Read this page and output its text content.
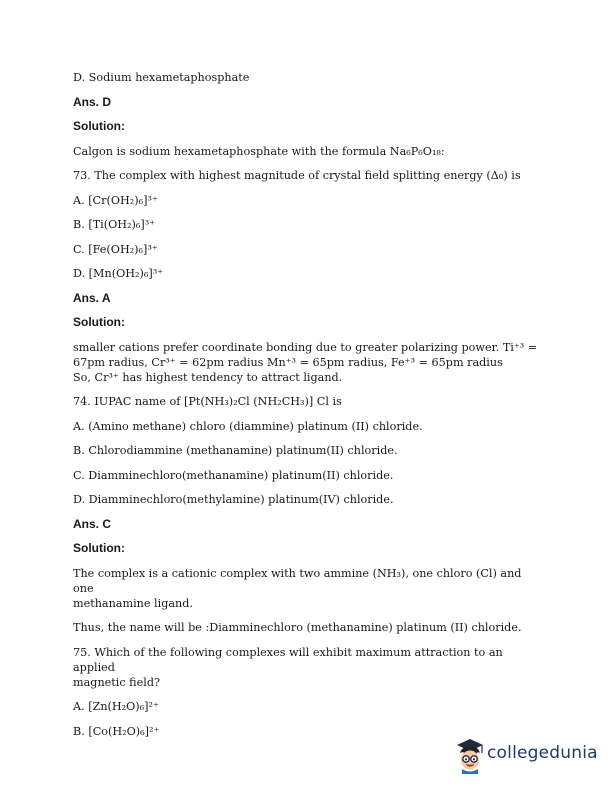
D. Sodium hexametaphosphate

Ans. D

Solution:

Calgon is sodium hexametaphosphate with the formula Na₆P₆O₁₈:

73. The complex with highest magnitude of crystal field splitting energy (Δ₀) is

A. [Cr(OH₂)₆]³⁺

B. [Ti(OH₂)₆]³⁺

C. [Fe(OH₂)₆]³⁺

D. [Mn(OH₂)₆]³⁺

Ans. A

Solution:

smaller cations prefer coordinate bonding due to greater polarizing power. Ti⁺³ =
67pm radius, Cr³⁺ = 62pm radius Mn⁺³ = 65pm radius, Fe⁺³ = 65pm radius
So, Cr³⁺ has highest tendency to attract ligand.

74. IUPAC name of [Pt(NH₃)₂Cl (NH₂CH₃)] Cl is

A. (Amino methane) chloro (diammine) platinum (II) chloride.

B. Chlorodiammine (methanamine) platinum(II) chloride.

C. Diamminechloro(methanamine) platinum(II) chloride.

D. Diamminechloro(methylamine) platinum(IV) chloride.

Ans. C

Solution:

The complex is a cationic complex with two ammine (NH₃), one chloro (Cl) and one
methanamine ligand.

Thus, the name will be :Diamminechloro (methanamine) platinum (II) chloride.

75. Which of the following complexes will exhibit maximum attraction to an applied
magnetic field?

A. [Zn(H₂O)₆]²⁺

B. [Co(H₂O)₆]²⁺

collegedunia
